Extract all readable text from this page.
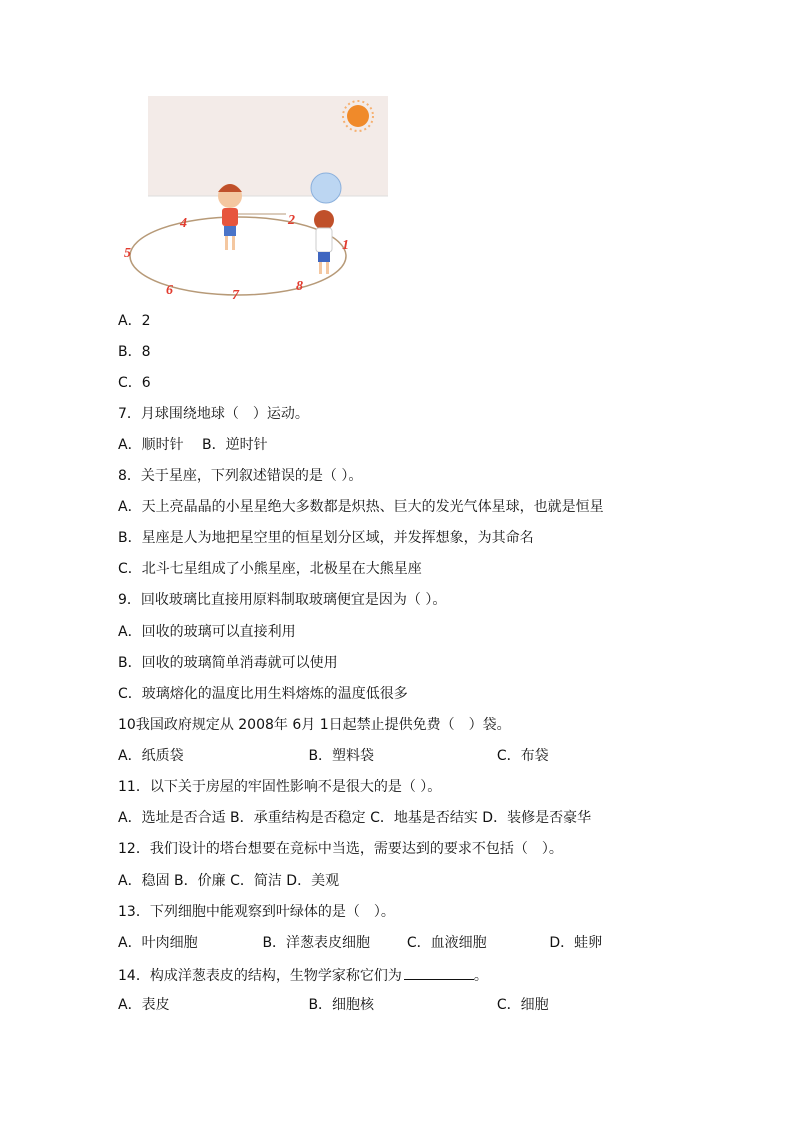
1
2
4
5
6	7
8
A．2
B．8
C．6
7．月球围绕地球（　）运动。
A．顺时针 B．逆时针
8．关于星座，下列叙述错误的是（ ）。
A．天上亮晶晶的小星星绝大多数都是炽热、巨大的发光气体星球，也就是恒星
B．星座是人为地把星空里的恒星划分区域，并发挥想象，为其命名
C．北斗七星组成了小熊星座，北极星在大熊星座
9．回收玻璃比直接用原料制取玻璃便宜是因为（ ）。
A．回收的玻璃可以直接利用
B．回收的玻璃简单消毒就可以使用
C．玻璃熔化的温度比用生料熔炼的温度低很多
10我国政府规定从 2008年 6月 1日起禁止提供免费（　）袋。
A．纸质袋	B．塑料袋	C．布袋
11．以下关于房屋的牢固性影响不是很大的是（ ）。
A．选址是否合适 B．承重结构是否稳定 C．地基是否结实 D．装修是否豪华
12．我们设计的塔台想要在竞标中当选，需要达到的要求不包括（　）。
A．稳固 B．价廉 C．简洁 D．美观
13．下列细胞中能观察到叶绿体的是（　）。
A．叶肉细胞	B．洋葱表皮细胞	C．血液细胞	D．蛙卵
14．构成洋葱表皮的结构，生物学家称它们为	。
A．表皮	B．细胞核	C．细胞
